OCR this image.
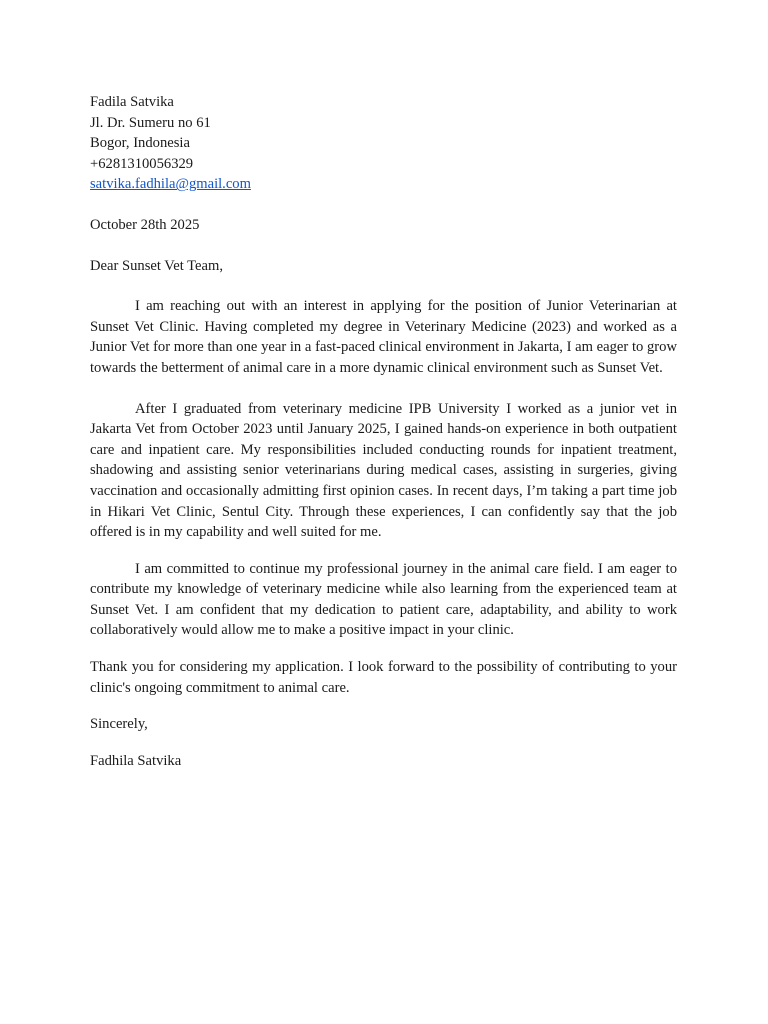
Fadila Satvika
Jl. Dr. Sumeru no 61
Bogor, Indonesia
+6281310056329
satvika.fadhila@gmail.com
October 28th 2025
Dear Sunset Vet Team,

I am reaching out with an interest in applying for the position of Junior Veterinarian at Sunset Vet Clinic. Having completed my degree in Veterinary Medicine (2023) and worked as a Junior Vet for more than one year in a fast-paced clinical environment in Jakarta, I am eager to grow towards the betterment of animal care in a more dynamic clinical environment such as Sunset Vet.

After I graduated from veterinary medicine IPB University I worked as a junior vet in Jakarta Vet from October 2023 until January 2025, I gained hands-on experience in both outpatient care and inpatient care. My responsibilities included conducting rounds for inpatient treatment, shadowing and assisting senior veterinarians during medical cases, assisting in surgeries, giving vaccination and occasionally admitting first opinion cases. In recent days, I’m taking a part time job in Hikari Vet Clinic, Sentul City. Through these experiences, I can confidently say that the job offered is in my capability and well suited for me.

I am committed to continue my professional journey in the animal care field. I am eager to contribute my knowledge of veterinary medicine while also learning from the experienced team at Sunset Vet. I am confident that my dedication to patient care, adaptability, and ability to work collaboratively would allow me to make a positive impact in your clinic.

Thank you for considering my application. I look forward to the possibility of contributing to your clinic's ongoing commitment to animal care.

Sincerely,
Fadhila Satvika
